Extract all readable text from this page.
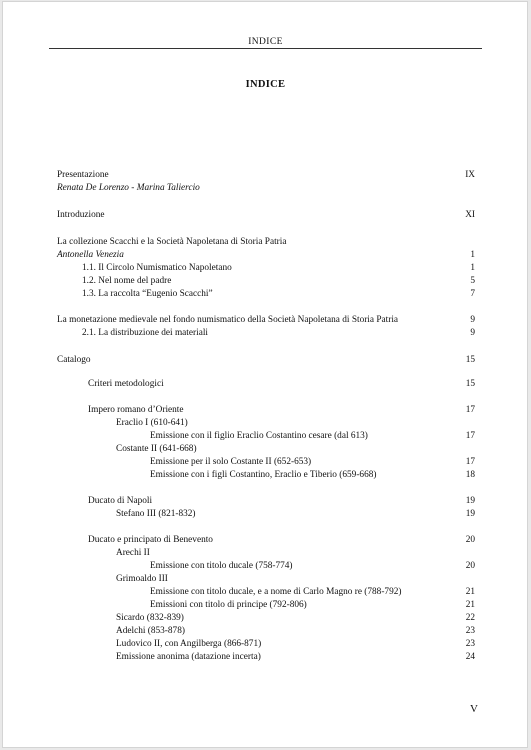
INDICE
INDICE
Presentazione	IX
Renata De Lorenzo - Marina Taliercio
Introduzione	XI
La collezione Scacchi e la Società Napoletana di Storia Patria
Antonella Venezia	1
1.1. Il Circolo Numismatico Napoletano	1
1.2. Nel nome del padre	5
1.3. La raccolta “Eugenio Scacchi”	7
La monetazione medievale nel fondo numismatico della Società Napoletana di Storia Patria	9
2.1. La distribuzione dei materiali	9
Catalogo	15
Criteri metodologici	15
Impero romano d’Oriente	17
Eraclio I (610-641)
Emissione con il figlio Eraclio Costantino cesare (dal 613)	17
Costante II (641-668)
Emissione per il solo Costante II (652-653)	17
Emissione con i figli Costantino, Eraclio e Tiberio (659-668)	18
Ducato di Napoli	19
Stefano III (821-832)	19
Ducato e principato di Benevento	20
Arechi II
Emissione con titolo ducale (758-774)	20
Grimoaldo III
Emissione con titolo ducale, e a nome di Carlo Magno re (788-792)	21
Emissioni con titolo di principe (792-806)	21
Sicardo (832-839)	22
Adelchi (853-878)	23
Ludovico II, con Angilberga (866-871)	23
Emissione anonima (datazione incerta)	24
V
